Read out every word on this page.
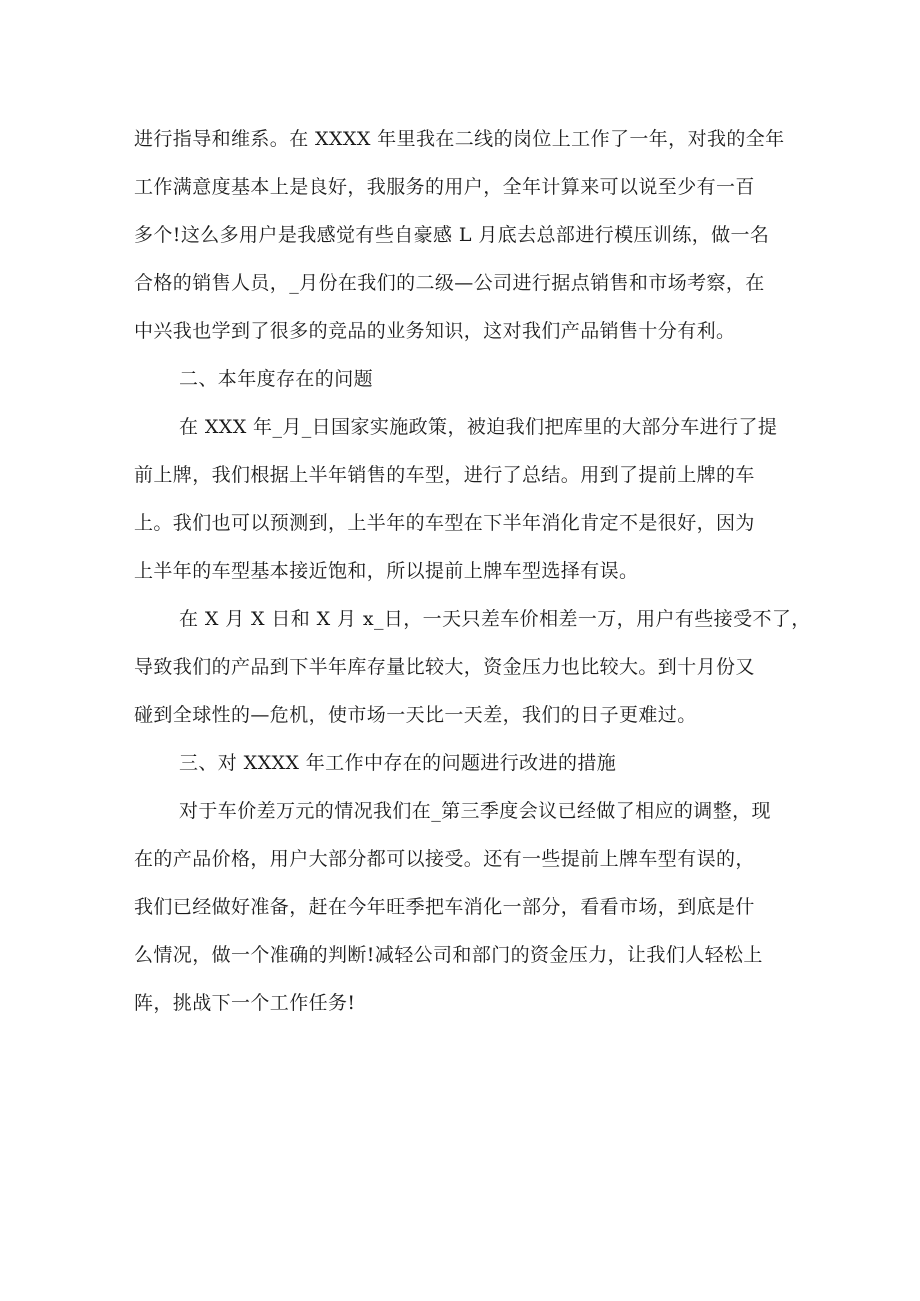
进行指导和维系。在 XXXX 年里我在二线的岗位上工作了一年，对我的全年
工作满意度基本上是良好，我服务的用户，全年计算来可以说至少有一百
多个!这么多用户是我感觉有些自豪感 L 月底去总部进行模压训练，做一名
合格的销售人员，_月份在我们的二级—公司进行据点销售和市场考察，在
中兴我也学到了很多的竞品的业务知识，这对我们产品销售十分有利。
二、本年度存在的问题
在 XXX 年_月_日国家实施政策，被迫我们把库里的大部分车进行了提
前上牌，我们根据上半年销售的车型，进行了总结。用到了提前上牌的车
上。我们也可以预测到，上半年的车型在下半年消化肯定不是很好，因为
上半年的车型基本接近饱和，所以提前上牌车型选择有误。
在 X 月 X 日和 X 月 x_日，一天只差车价相差一万，用户有些接受不了，
导致我们的产品到下半年库存量比较大，资金压力也比较大。到十月份又
碰到全球性的—危机，使市场一天比一天差，我们的日子更难过。
三、对 XXXX 年工作中存在的问题进行改进的措施
对于车价差万元的情况我们在_第三季度会议已经做了相应的调整，现
在的产品价格，用户大部分都可以接受。还有一些提前上牌车型有误的，
我们已经做好准备，赶在今年旺季把车消化一部分，看看市场，到底是什
么情况，做一个准确的判断!减轻公司和部门的资金压力，让我们人轻松上
阵，挑战下一个工作任务!
